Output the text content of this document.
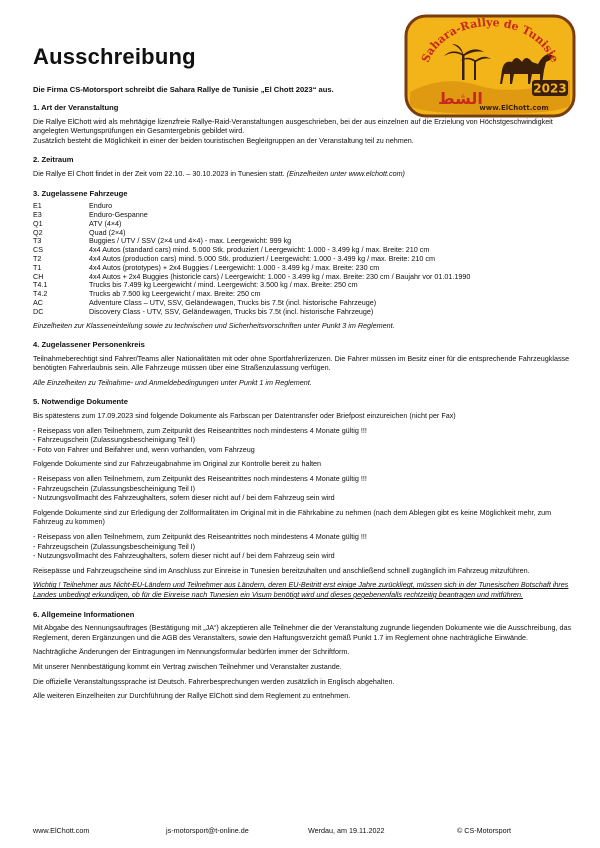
Ausschreibung

Die Firma CS-Motorsport schreibt die Sahara Rallye de Tunisie „El Chott 2023“ aus.

Sahara-Rallye de Tunisie
الشط
2023
www.ElChott.com
1. Art der Veranstaltung

Die Rallye ElChott wird als mehrtägige lizenzfreie Rallye-Raid-Veranstaltungen ausgeschrieben, bei der aus einzelnen auf die Erzielung von Höchstgeschwindigkeit angelegten Wertungsprüfungen ein Gesamtergebnis gebildet wird.
Zusätzlich besteht die Möglichkeit in einer der beiden touristischen Begleitgruppen an der Veranstaltung teil zu nehmen.

2. Zeitraum

Die Rallye El Chott findet in der Zeit vom 22.10. – 30.10.2023 in Tunesien statt. (Einzelheiten unter www.elchott.com)

3. Zugelassene Fahrzeuge
E1	Enduro
E3	Enduro-Gespanne
Q1	ATV (4×4)
Q2	Quad (2×4)
T3	Buggies / UTV / SSV (2×4 und 4×4) - max. Leergewicht: 999 kg
CS	4x4 Autos (standard cars) mind. 5.000 Stk. produziert / Leergewicht: 1.000 - 3.499 kg / max. Breite: 210 cm
T2	4x4 Autos (production cars) mind. 5.000 Stk. produziert / Leergewicht: 1.000 - 3.499 kg / max. Breite: 210 cm
T1	4x4 Autos (prototypes) + 2x4 Buggies / Leergewicht: 1.000 - 3.499 kg / max. Breite: 230 cm
CH	4x4 Autos + 2x4 Buggies (historicle cars) / Leergewicht: 1.000 - 3.499 kg / max. Breite: 230 cm / Baujahr vor 01.01.1990
T4.1	Trucks bis 7.499 kg Leergewicht / mind. Leergewicht: 3.500 kg / max. Breite: 250 cm
T4.2	Trucks ab 7.500 kg Leergewicht / max. Breite: 250 cm
AC	Adventure Class – UTV, SSV, Geländewagen, Trucks bis 7.5t (incl. historische Fahrzeuge)
DC	Discovery Class - UTV, SSV, Geländewagen, Trucks bis 7.5t (incl. historische Fahrzeuge)

Einzelheiten zur Klasseneinteilung sowie zu technischen und Sicherheitsvorschriften unter Punkt 3 im Reglement.

4. Zugelassener Personenkreis

Teilnahmeberechtigt sind Fahrer/Teams aller Nationalitäten mit oder ohne Sportfahrerlizenzen. Die Fahrer müssen im Besitz einer für die entsprechende Fahrzeugklasse benötigten Fahrerlaubnis sein. Alle Fahrzeuge müssen über eine Straßenzulassung verfügen.

Alle Einzelheiten zu Teilnahme- und Anmeldebedingungen unter Punkt 1 im Reglement.

5. Notwendige Dokumente

Bis spätestens zum 17.09.2023 sind folgende Dokumente als Farbscan per Datentransfer oder Briefpost einzureichen (nicht per Fax)

- Reisepass von allen Teilnehmern, zum Zeitpunkt des Reiseantrittes noch mindestens 4 Monate gültig !!!
- Fahrzeugschein (Zulassungsbescheinigung Teil I)
- Foto von Fahrer und Beifahrer und, wenn vorhanden, vom Fahrzeug

Folgende Dokumente sind zur Fahrzeugabnahme im Original zur Kontrolle bereit zu halten

- Reisepass von allen Teilnehmern, zum Zeitpunkt des Reiseantrittes noch mindestens 4 Monate gültig !!!
- Fahrzeugschein (Zulassungsbescheinigung Teil I)
- Nutzungsvollmacht des Fahrzeughalters, sofern dieser nicht auf / bei dem Fahrzeug sein wird

Folgende Dokumente sind zur Erledigung der Zollformalitäten im Original mit in die Fährkabine zu nehmen (nach dem Ablegen gibt es keine Möglichkeit mehr, zum Fahrzeug zu kommen)

- Reisepass von allen Teilnehmern, zum Zeitpunkt des Reiseantrittes noch mindestens 4 Monate gültig !!!
- Fahrzeugschein (Zulassungsbescheinigung Teil I)
- Nutzungsvollmacht des Fahrzeughalters, sofern dieser nicht auf / bei dem Fahrzeug sein wird

Reisepässe und Fahrzeugscheine sind im Anschluss zur Einreise in Tunesien bereitzuhalten und anschließend schnell zugänglich im Fahrzeug mitzuführen.

Wichtig ! Teilnehmer aus Nicht-EU-Ländern und Teilnehmer aus Ländern, deren EU-Beitritt erst einige Jahre zurückliegt, müssen sich in der Tunesischen Botschaft ihres Landes unbedingt erkundigen, ob für die Einreise nach Tunesien ein Visum benötigt wird und dieses gegebenenfalls rechtzeitig beantragen und mitführen.

6. Allgemeine Informationen

Mit Abgabe des Nennungsauftrages (Bestätigung mit „JA“) akzeptieren alle Teilnehmer die der Veranstaltung zugrunde liegenden Dokumente wie die Ausschreibung, das Reglement, deren Ergänzungen und die AGB des Veranstalters, sowie den Haftungsverzicht gemäß Punkt 1.7 im Reglement ohne nachträgliche Einwände.

Nachträgliche Änderungen der Eintragungen im Nennungsformular bedürfen immer der Schriftform.

Mit unserer Nennbestätigung kommt ein Vertrag zwischen Teilnehmer und Veranstalter zustande.

Die offizielle Veranstaltungssprache ist Deutsch. Fahrerbesprechungen werden zusätzlich in Englisch abgehalten.

Alle weiteren Einzelheiten zur Durchführung der Rallye ElChott sind dem Reglement zu entnehmen.

www.ElChott.com	js-motorsport@t-online.de	Werdau, am 19.11.2022	© CS-Motorsport
